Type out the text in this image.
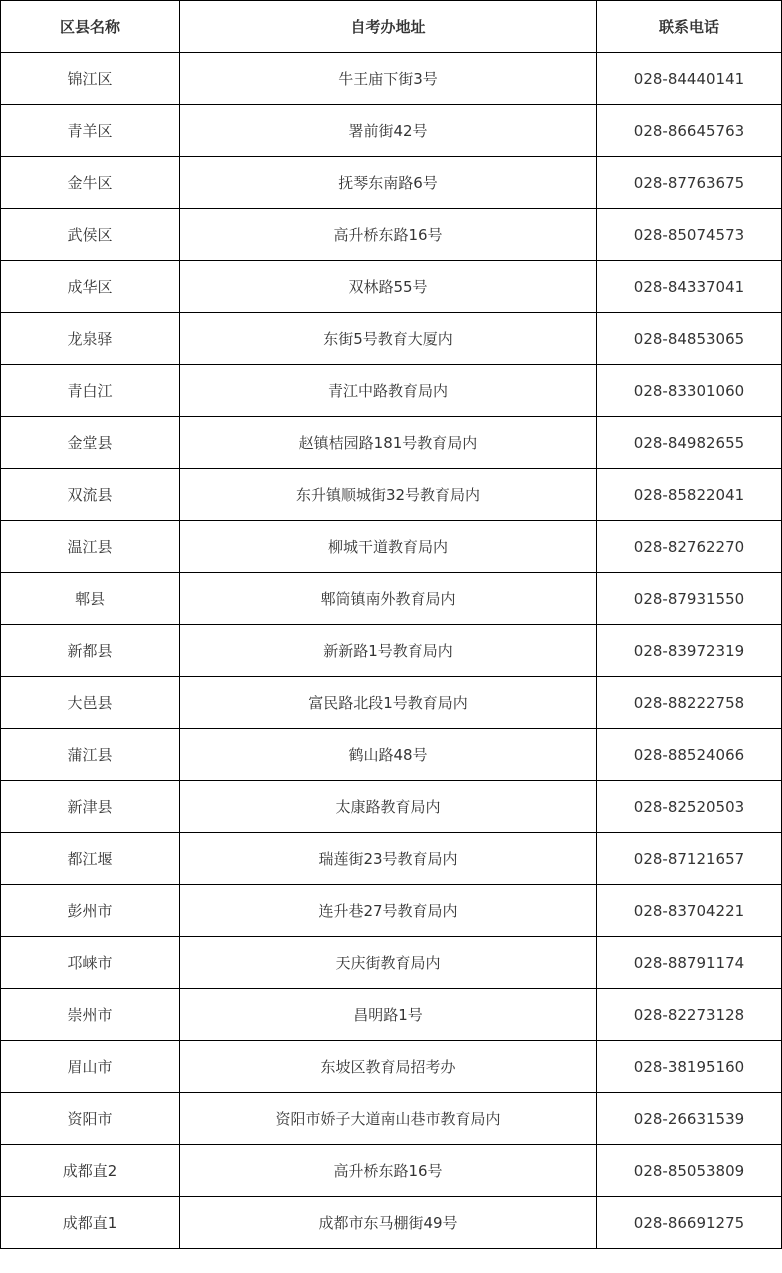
区县名称	自考办地址	联系电话
锦江区	牛王庙下街3号	028-84440141
青羊区	署前街42号	028-86645763
金牛区	抚琴东南路6号	028-87763675
武侯区	高升桥东路16号	028-85074573
成华区	双林路55号	028-84337041
龙泉驿	东街5号教育大厦内	028-84853065
青白江	青江中路教育局内	028-83301060
金堂县	赵镇桔园路181号教育局内	028-84982655
双流县	东升镇顺城街32号教育局内	028-85822041
温江县	柳城干道教育局内	028-82762270
郫县	郫筒镇南外教育局内	028-87931550
新都县	新新路1号教育局内	028-83972319
大邑县	富民路北段1号教育局内	028-88222758
蒲江县	鹤山路48号	028-88524066
新津县	太康路教育局内	028-82520503
都江堰	瑞莲街23号教育局内	028-87121657
彭州市	连升巷27号教育局内	028-83704221
邛崃市	天庆街教育局内	028-88791174
崇州市	昌明路1号	028-82273128
眉山市	东坡区教育局招考办	028-38195160
资阳市	资阳市娇子大道南山巷市教育局内	028-26631539
成都直2	高升桥东路16号	028-85053809
成都直1	成都市东马棚街49号	028-86691275
